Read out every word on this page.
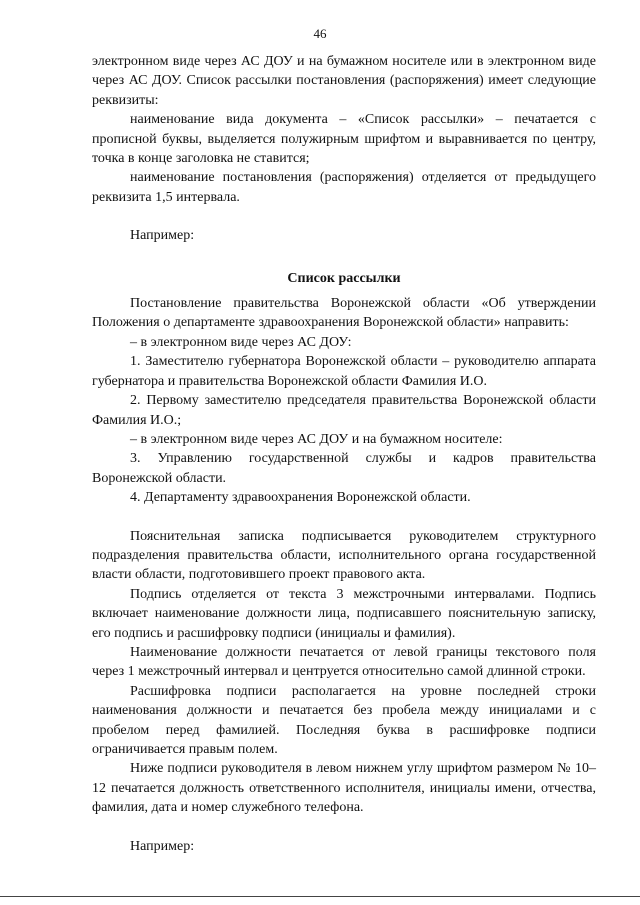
46

электронном виде через АС ДОУ и на бумажном носителе или в электронном виде через АС ДОУ. Список рассылки постановления (распоряжения) имеет следующие реквизиты:

наименование вида документа – «Список рассылки» – печатается с прописной буквы, выделяется полужирным шрифтом и выравнивается по центру, точка в конце заголовка не ставится;

наименование постановления (распоряжения) отделяется от предыдущего реквизита 1,5 интервала.

Например:

Список рассылки

Постановление правительства Воронежской области «Об утверждении Положения о департаменте здравоохранения Воронежской области» направить:

– в электронном виде через АС ДОУ:

1. Заместителю губернатора Воронежской области – руководителю аппарата губернатора и правительства Воронежской области Фамилия И.О.

2. Первому заместителю председателя правительства Воронежской области Фамилия И.О.;

– в электронном виде через АС ДОУ и на бумажном носителе:

3. Управлению государственной службы и кадров правительства Воронежской области.

4. Департаменту здравоохранения Воронежской области.

Пояснительная записка подписывается руководителем структурного подразделения правительства области, исполнительного органа государственной власти области, подготовившего проект правового акта.

Подпись отделяется от текста 3 межстрочными интервалами. Подпись включает наименование должности лица, подписавшего пояснительную записку, его подпись и расшифровку подписи (инициалы и фамилия).

Наименование должности печатается от левой границы текстового поля через 1 межстрочный интервал и центруется относительно самой длинной строки.

Расшифровка подписи располагается на уровне последней строки наименования должности и печатается без пробела между инициалами и с пробелом перед фамилией. Последняя буква в расшифровке подписи ограничивается правым полем.

Ниже подписи руководителя в левом нижнем углу шрифтом размером № 10–12 печатается должность ответственного исполнителя, инициалы имени, отчества, фамилия, дата и номер служебного телефона.

Например:
